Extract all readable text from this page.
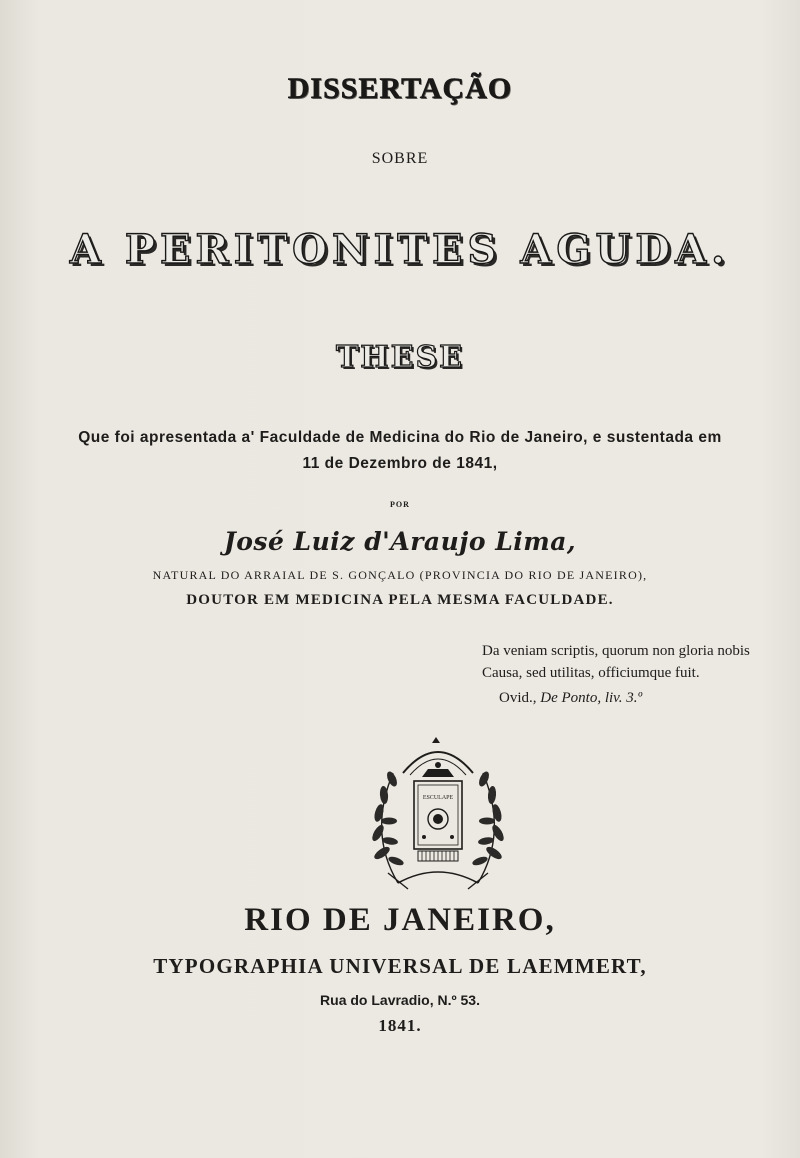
DISSERTAÇÃO
SOBRE
A PERITONITES AGUDA.
THESE
Que foi apresentada a' Faculdade de Medicina do Rio de Janeiro, e sustentada em
11 de Dezembro de 1841,
POR
José Luiz d'Araujo Lima,
NATURAL DO ARRAIAL DE S. GONÇALO (PROVINCIA DO RIO DE JANEIRO),
DOUTOR EM MEDICINA PELA MESMA FACULDADE.
Da veniam scriptis, quorum non gloria nobis
Causa, sed utilitas, officiumque fuit.
Ovid., De Ponto, liv. 3.º
ESCULAPE
RIO DE JANEIRO,
TYPOGRAPHIA UNIVERSAL DE LAEMMERT,
Rua do Lavradio, N.º 53.
1841.
